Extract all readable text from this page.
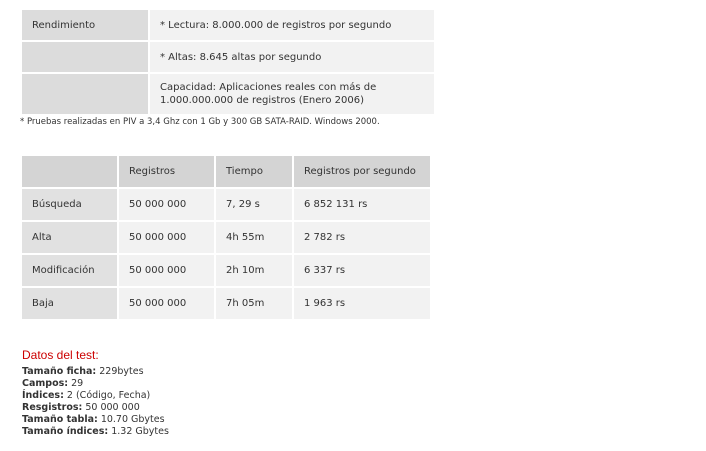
Rendimiento	* Lectura: 8.000.000 de registros por segundo
	* Altas: 8.645 altas por segundo
	Capacidad: Aplicaciones reales con más de 1.000.000.000 de registros (Enero 2006)
* Pruebas realizadas en PIV a 3,4 Ghz con 1 Gb y 300 GB SATA-RAID. Windows 2000.
	Registros	Tiempo	Registros por segundo
Búsqueda	50 000 000	7, 29 s	6 852 131 rs
Alta	50 000 000	4h 55m	2 782 rs
Modificación	50 000 000	2h 10m	6 337 rs
Baja	50 000 000	7h 05m	1 963 rs
Datos del test:
Tamaño ficha: 229bytes
Campos: 29
Índices: 2 (Código, Fecha)
Resgistros: 50 000 000
Tamaño tabla: 10.70 Gbytes
Tamaño índices: 1.32 Gbytes
